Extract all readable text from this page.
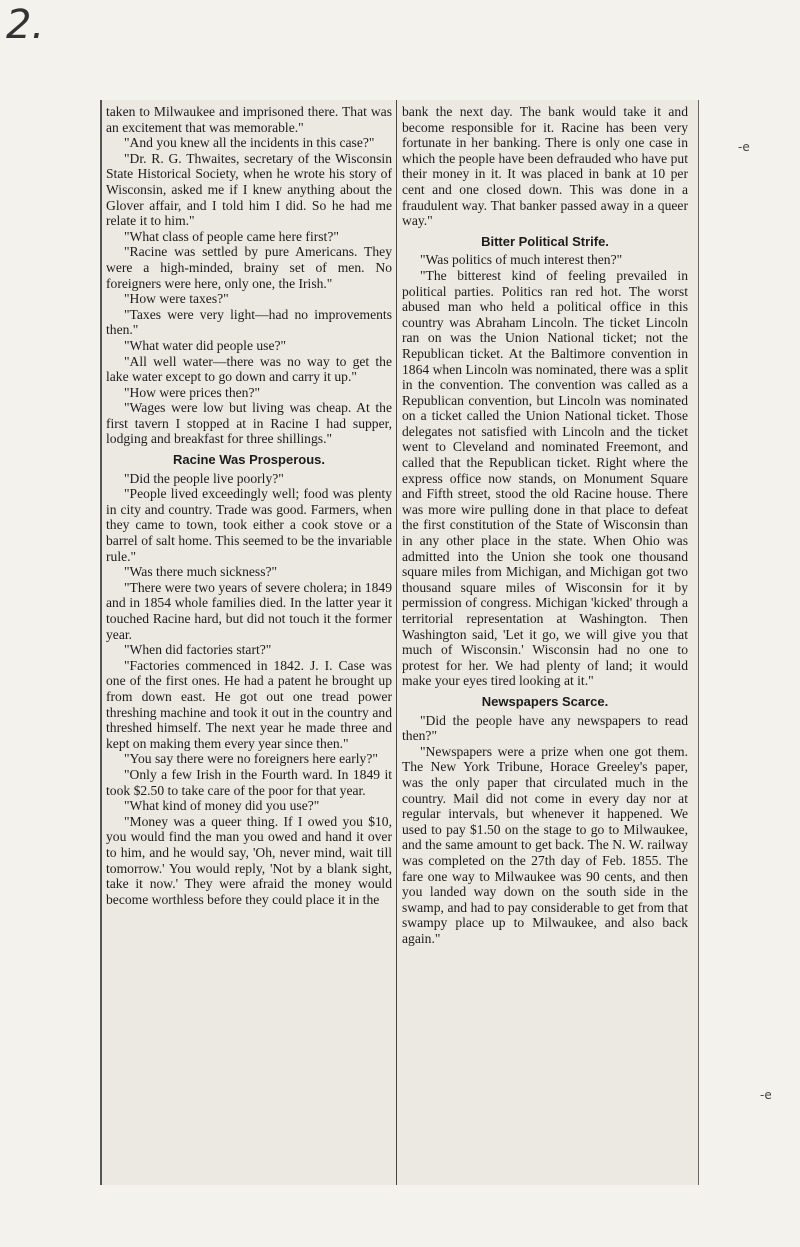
2.
-e
-e

taken to Milwaukee and imprisoned there. That was an excitement that was memorable."

"And you knew all the incidents in this case?"

"Dr. R. G. Thwaites, secretary of the Wisconsin State Historical Society, when he wrote his story of Wisconsin, asked me if I knew anything about the Glover affair, and I told him I did. So he had me relate it to him."

"What class of people came here first?"

"Racine was settled by pure Americans. They were a high-minded, brainy set of men. No foreigners were here, only one, the Irish."

"How were taxes?"

"Taxes were very light—had no improvements then."

"What water did people use?"

"All well water—there was no way to get the lake water except to go down and carry it up."

"How were prices then?"

"Wages were low but living was cheap. At the first tavern I stopped at in Racine I had supper, lodging and breakfast for three shillings."

Racine Was Prosperous.

"Did the people live poorly?"

"People lived exceedingly well; food was plenty in city and country. Trade was good. Farmers, when they came to town, took either a cook stove or a barrel of salt home. This seemed to be the invariable rule."

"Was there much sickness?"

"There were two years of severe cholera; in 1849 and in 1854 whole families died. In the latter year it touched Racine hard, but did not touch it the former year.

"When did factories start?"

"Factories commenced in 1842. J. I. Case was one of the first ones. He had a patent he brought up from down east. He got out one tread power threshing machine and took it out in the country and threshed himself. The next year he made three and kept on making them every year since then."

"You say there were no foreigners here early?"

"Only a few Irish in the Fourth ward. In 1849 it took $2.50 to take care of the poor for that year.

"What kind of money did you use?"

"Money was a queer thing. If I owed you $10, you would find the man you owed and hand it over to him, and he would say, 'Oh, never mind, wait till tomorrow.' You would reply, 'Not by a blank sight, take it now.' They were afraid the money would become worthless before they could place it in the

bank the next day. The bank would take it and become responsible for it. Racine has been very fortunate in her banking. There is only one case in which the people have been defrauded who have put their money in it. It was placed in bank at 10 per cent and one closed down. This was done in a fraudulent way. That banker passed away in a queer way."

Bitter Political Strife.

"Was politics of much interest then?"

"The bitterest kind of feeling prevailed in political parties. Politics ran red hot. The worst abused man who held a political office in this country was Abraham Lincoln. The ticket Lincoln ran on was the Union National ticket; not the Republican ticket. At the Baltimore convention in 1864 when Lincoln was nominated, there was a split in the convention. The convention was called as a Republican convention, but Lincoln was nominated on a ticket called the Union National ticket. Those delegates not satisfied with Lincoln and the ticket went to Cleveland and nominated Freemont, and called that the Republican ticket. Right where the express office now stands, on Monument Square and Fifth street, stood the old Racine house. There was more wire pulling done in that place to defeat the first constitution of the State of Wisconsin than in any other place in the state. When Ohio was admitted into the Union she took one thousand square miles from Michigan, and Michigan got two thousand square miles of Wisconsin for it by permission of congress. Michigan 'kicked' through a territorial representation at Washington. Then Washington said, 'Let it go, we will give you that much of Wisconsin.' Wisconsin had no one to protest for her. We had plenty of land; it would make your eyes tired looking at it."

Newspapers Scarce.

"Did the people have any newspapers to read then?"

"Newspapers were a prize when one got them. The New York Tribune, Horace Greeley's paper, was the only paper that circulated much in the country. Mail did not come in every day nor at regular intervals, but whenever it happened. We used to pay $1.50 on the stage to go to Milwaukee, and the same amount to get back. The N. W. railway was completed on the 27th day of Feb. 1855. The fare one way to Milwaukee was 90 cents, and then you landed way down on the south side in the swamp, and had to pay considerable to get from that swampy place up to Milwaukee, and also back again."
